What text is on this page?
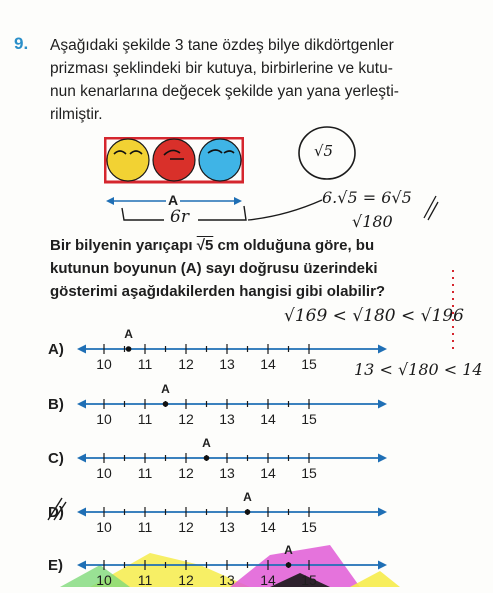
9. Aşağıdaki şekilde 3 tane özdeş bilye dikdörtgenler
prizması şeklindeki bir kutuya, birbirlerine ve kutu-
nun kenarlarına değecek şekilde yan yana yerleşti-
rilmiştir.
A
6r
√5
6.√5 = 6√5
√180
Bir bilyenin yarıçapı √5 cm olduğuna göre, bu
kutunun boyunun (A) sayı doğrusu üzerindeki
gösterimi aşağıdakilerden hangisi gibi olabilir?
√169 < √180 < √196
13 < √180 < 14
A)
A
10 11 12 13 14 15
B)
A
10 11 12 13 14 15
C)
A
10 11 12 13 14 15
D)
A
10 11 12 13 14 15
E)
A
10 11 12 13 14 15
